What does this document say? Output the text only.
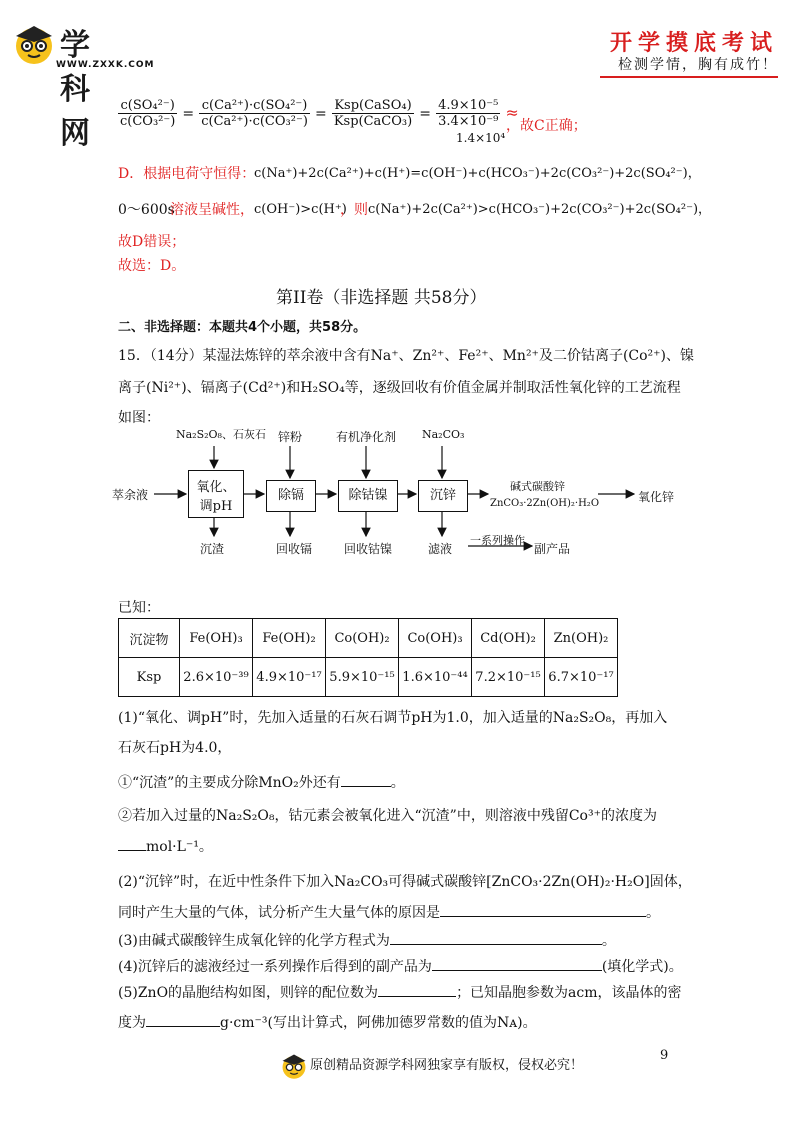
学科网
WWW.ZXXK.COM
开学摸底考试
检测学情，胸有成竹！
$\frac{\text{c(SO₄²⁻)}}{\text{c(CO₃²⁻)}} = \frac{\text{c(Ca²⁺)·c(SO₄²⁻)}}{\text{c(Ca²⁺)·c(CO₃²⁻)}} = \frac{\text{Ksp(CaSO₄)}}{\text{Ksp(CaCO₃)}} = \frac{\text{4.9×10⁻⁵}}{\text{3.4×10⁻⁹}}$ ≈
1.4×10⁴
，故C正确；
D．根据电荷守恒得：
c(Na⁺)+2c(Ca²⁺)+c(H⁺)=c(OH⁻)+c(HCO₃⁻)+2c(CO₃²⁻)+2c(SO₄²⁻)，
0～600s
溶液呈碱性， c(OH⁻)>c(H⁺)
，则 c(Na⁺)+2c(Ca²⁺)>c(HCO₃⁻)+2c(CO₃²⁻)+2c(SO₄²⁻)，
故D错误；
故选：D。
第II卷（非选择题 共58分）
二、非选择题：本题共4个小题，共58分。
15．（14分）某湿法炼锌的萃余液中含有Na⁺、Zn²⁺、Fe²⁺、Mn²⁺及二价钴离子(Co²⁺)、镍
离子(Ni²⁺)、镉离子(Cd²⁺)和H₂SO₄等，逐级回收有价值金属并制取活性氧化锌的工艺流程
如图：
Na₂S₂O₈、石灰石 锌粉	有机净化剂 Na₂CO₃
萃余液	氧化、
调pH
除镉	除钴镍	沉锌
碱式碳酸锌
ZnCO₃·2Zn(OH)₂·H₂O	氧化锌
沉渣	回收镉	回收钴镍	滤液
一系列操作
副产品
已知：
沉淀物	Fe(OH)₃	Fe(OH)₂	Co(OH)₂	Co(OH)₃	Cd(OH)₂	Zn(OH)₂
Ksp	2.6×10⁻³⁹	4.9×10⁻¹⁷	5.9×10⁻¹⁵	1.6×10⁻⁴⁴	7.2×10⁻¹⁵	6.7×10⁻¹⁷
(1)“氧化、调pH”时，先加入适量的石灰石调节pH为1.0，加入适量的Na₂S₂O₈，再加入
石灰石pH为4.0，
①“沉渣”的主要成分除MnO₂外还有	。
②若加入过量的Na₂S₂O₈，钴元素会被氧化进入“沉渣”中，则溶液中残留Co³⁺的浓度为
mol·L⁻¹。
(2)“沉锌”时，在近中性条件下加入Na₂CO₃可得碱式碳酸锌[ZnCO₃·2Zn(OH)₂·H₂O]固体，
同时产生大量的气体，试分析产生大量气体的原因是	。
(3)由碱式碳酸锌生成氧化锌的化学方程式为	。
(4)沉锌后的滤液经过一系列操作后得到的副产品为	(填化学式)。
(5)ZnO的晶胞结构如图，则锌的配位数为	；已知晶胞参数为acm，该晶体的密
度为	g·cm⁻³(写出计算式，阿佛加德罗常数的值为Nᴀ)。
原创精品资源学科网独家享有版权，侵权必究！
9
